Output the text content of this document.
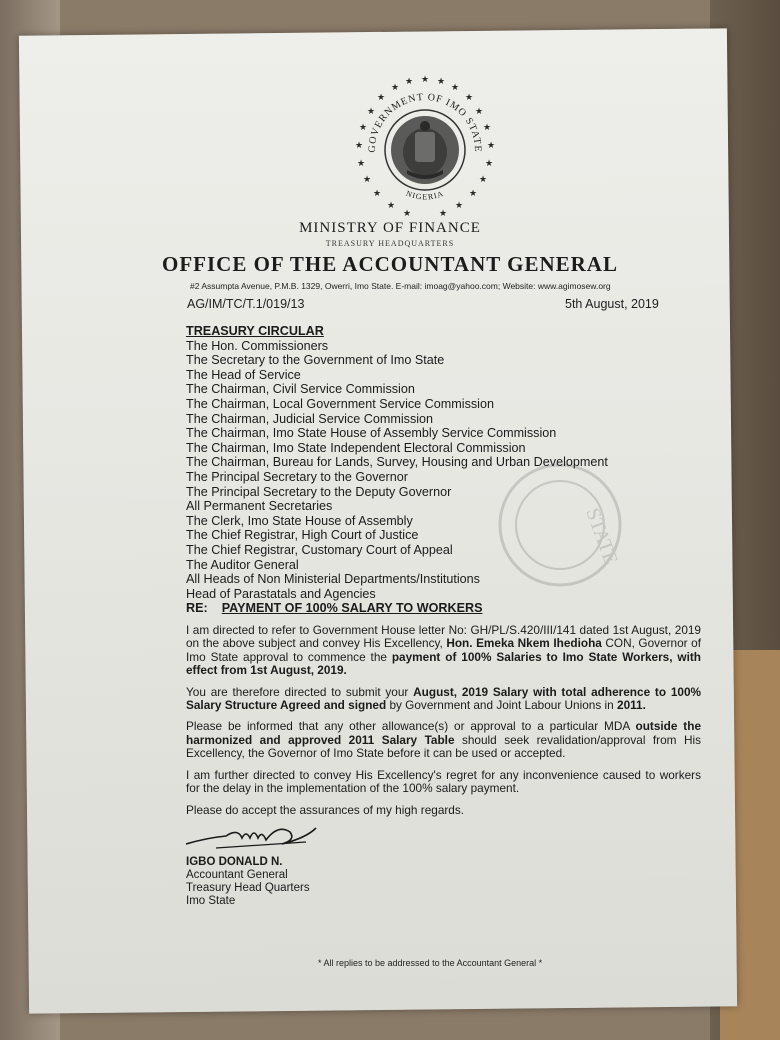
GOVERNMENT OF IMO STATE
NIGERIA
★ ★
★
★
★
★
★
★
★
★
★
★
★
★
★
★
★
★
★
★
★
★
★
MINISTRY OF FINANCE
TREASURY HEADQUARTERS
OFFICE OF THE ACCOUNTANT GENERAL
#2 Assumpta Avenue, P.M.B. 1329, Owerri, Imo State. E-mail: imoag@yahoo.com; Website: www.agimosew.org
AG/IM/TC/T.1/019/13	5th August, 2019
STATE
TREASURY CIRCULAR
The Hon. Commissioners
The Secretary to the Government of Imo State
The Head of Service
The Chairman, Civil Service Commission
The Chairman, Local Government Service Commission
The Chairman, Judicial Service Commission
The Chairman, Imo State House of Assembly Service Commission
The Chairman, Imo State Independent Electoral Commission
The Chairman, Bureau for Lands, Survey, Housing and Urban Development
The Principal Secretary to the Governor
The Principal Secretary to the Deputy Governor
All Permanent Secretaries
The Clerk, Imo State House of Assembly
The Chief Registrar, High Court of Justice
The Chief Registrar, Customary Court of Appeal
The Auditor General
All Heads of Non Ministerial Departments/Institutions
Head of Parastatals and Agencies
RE: PAYMENT OF 100% SALARY TO WORKERS
I am directed to refer to Government House letter No: GH/PL/S.420/III/141 dated 1st August, 2019 on the above subject and convey His Excellency, Hon. Emeka Nkem Ihedioha CON, Governor of Imo State approval to commence the payment of 100% Salaries to Imo State Workers, with effect from 1st August, 2019.
You are therefore directed to submit your August, 2019 Salary with total adherence to 100% Salary Structure Agreed and signed by Government and Joint Labour Unions in 2011.
Please be informed that any other allowance(s) or approval to a particular MDA outside the harmonized and approved 2011 Salary Table should seek revalidation/approval from His Excellency, the Governor of Imo State before it can be used or accepted.
I am further directed to convey His Excellency's regret for any inconvenience caused to workers for the delay in the implementation of the 100% salary payment.
Please do accept the assurances of my high regards.
IGBO DONALD N.
Accountant General
Treasury Head Quarters
Imo State
* All replies to be addressed to the Accountant General *
